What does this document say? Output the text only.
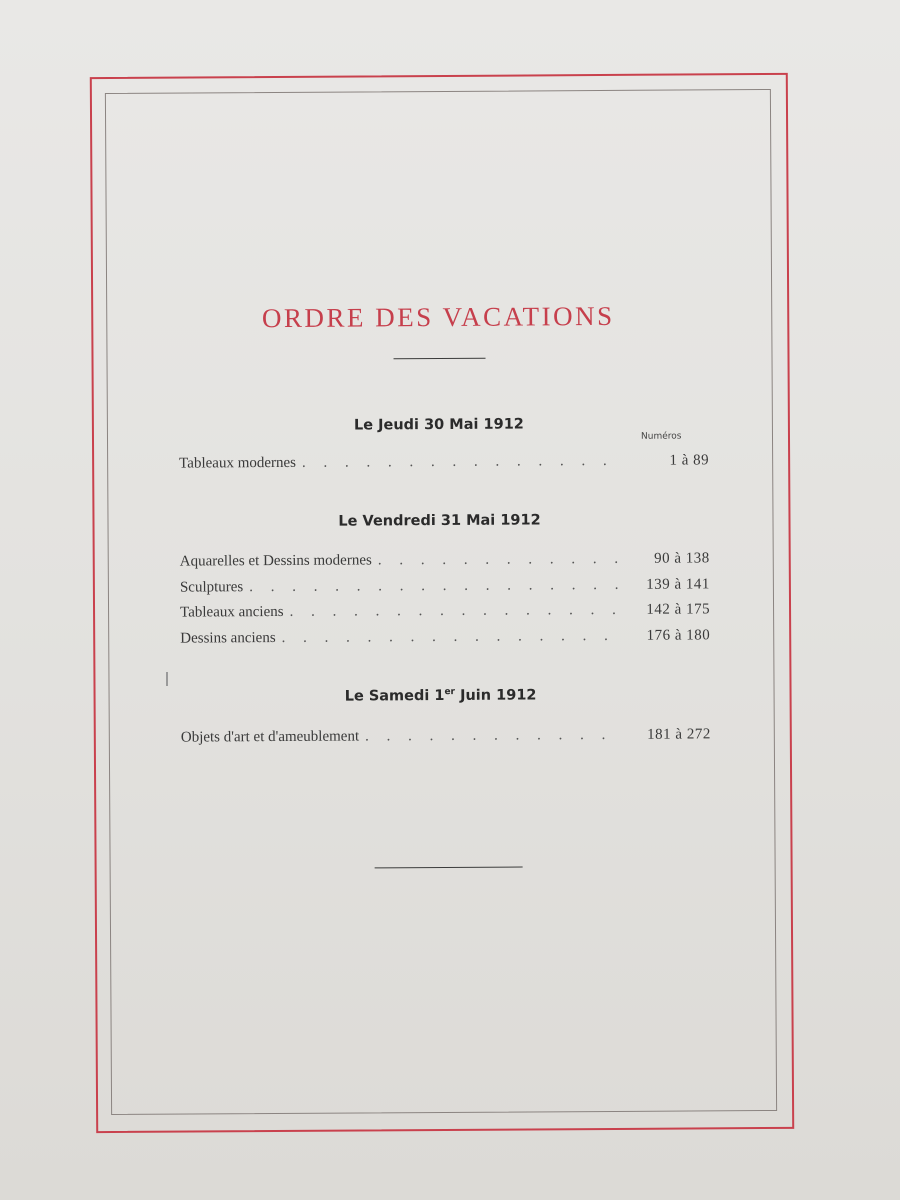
ORDRE DES VACATIONS
Le Jeudi 30 Mai 1912
Numéros
Tableaux modernes . . .	1 à 89
Le Vendredi 31 Mai 1912
Aquarelles et Dessins modernes . . .	90 à 138
Sculptures . . .	139 à 141
Tableaux anciens . . .	142 à 175
Dessins anciens . . .	176 à 180
Le Samedi 1er Juin 1912
Objets d'art et d'ameublement . . .	181 à 272
